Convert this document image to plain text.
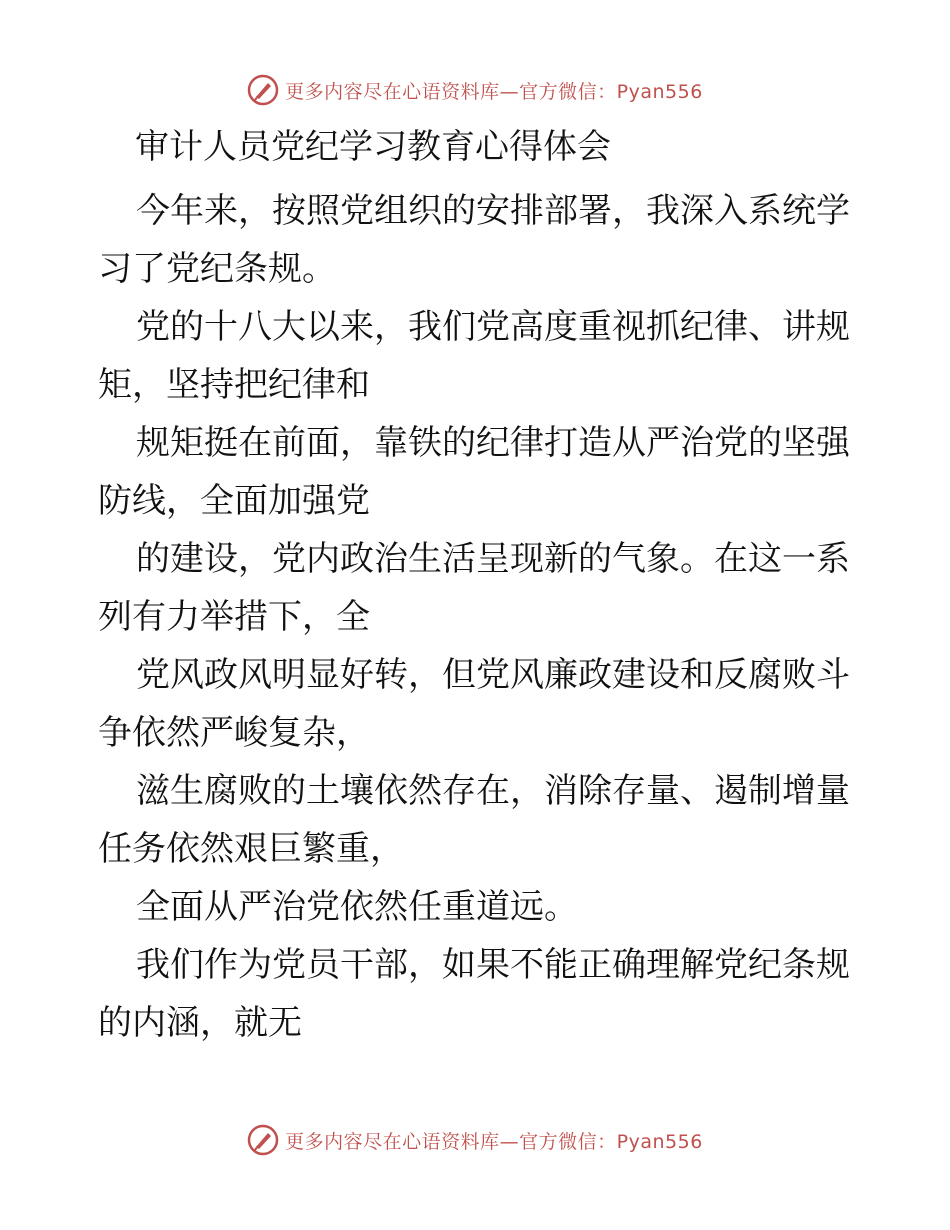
更多内容尽在心语资料库—官方微信：Pyan556
审计人员党纪学习教育心得体会
今年来，按照党组织的安排部署，我深入系统学习了党纪条规。
党的十八大以来，我们党高度重视抓纪律、讲规矩，坚持把纪律和
规矩挺在前面，靠铁的纪律打造从严治党的坚强防线，全面加强党
的建设，党内政治生活呈现新的气象。在这一系列有力举措下，全
党风政风明显好转，但党风廉政建设和反腐败斗争依然严峻复杂，
滋生腐败的土壤依然存在，消除存量、遏制增量任务依然艰巨繁重，
全面从严治党依然任重道远。
我们作为党员干部，如果不能正确理解党纪条规的内涵，就无
更多内容尽在心语资料库—官方微信：Pyan556
